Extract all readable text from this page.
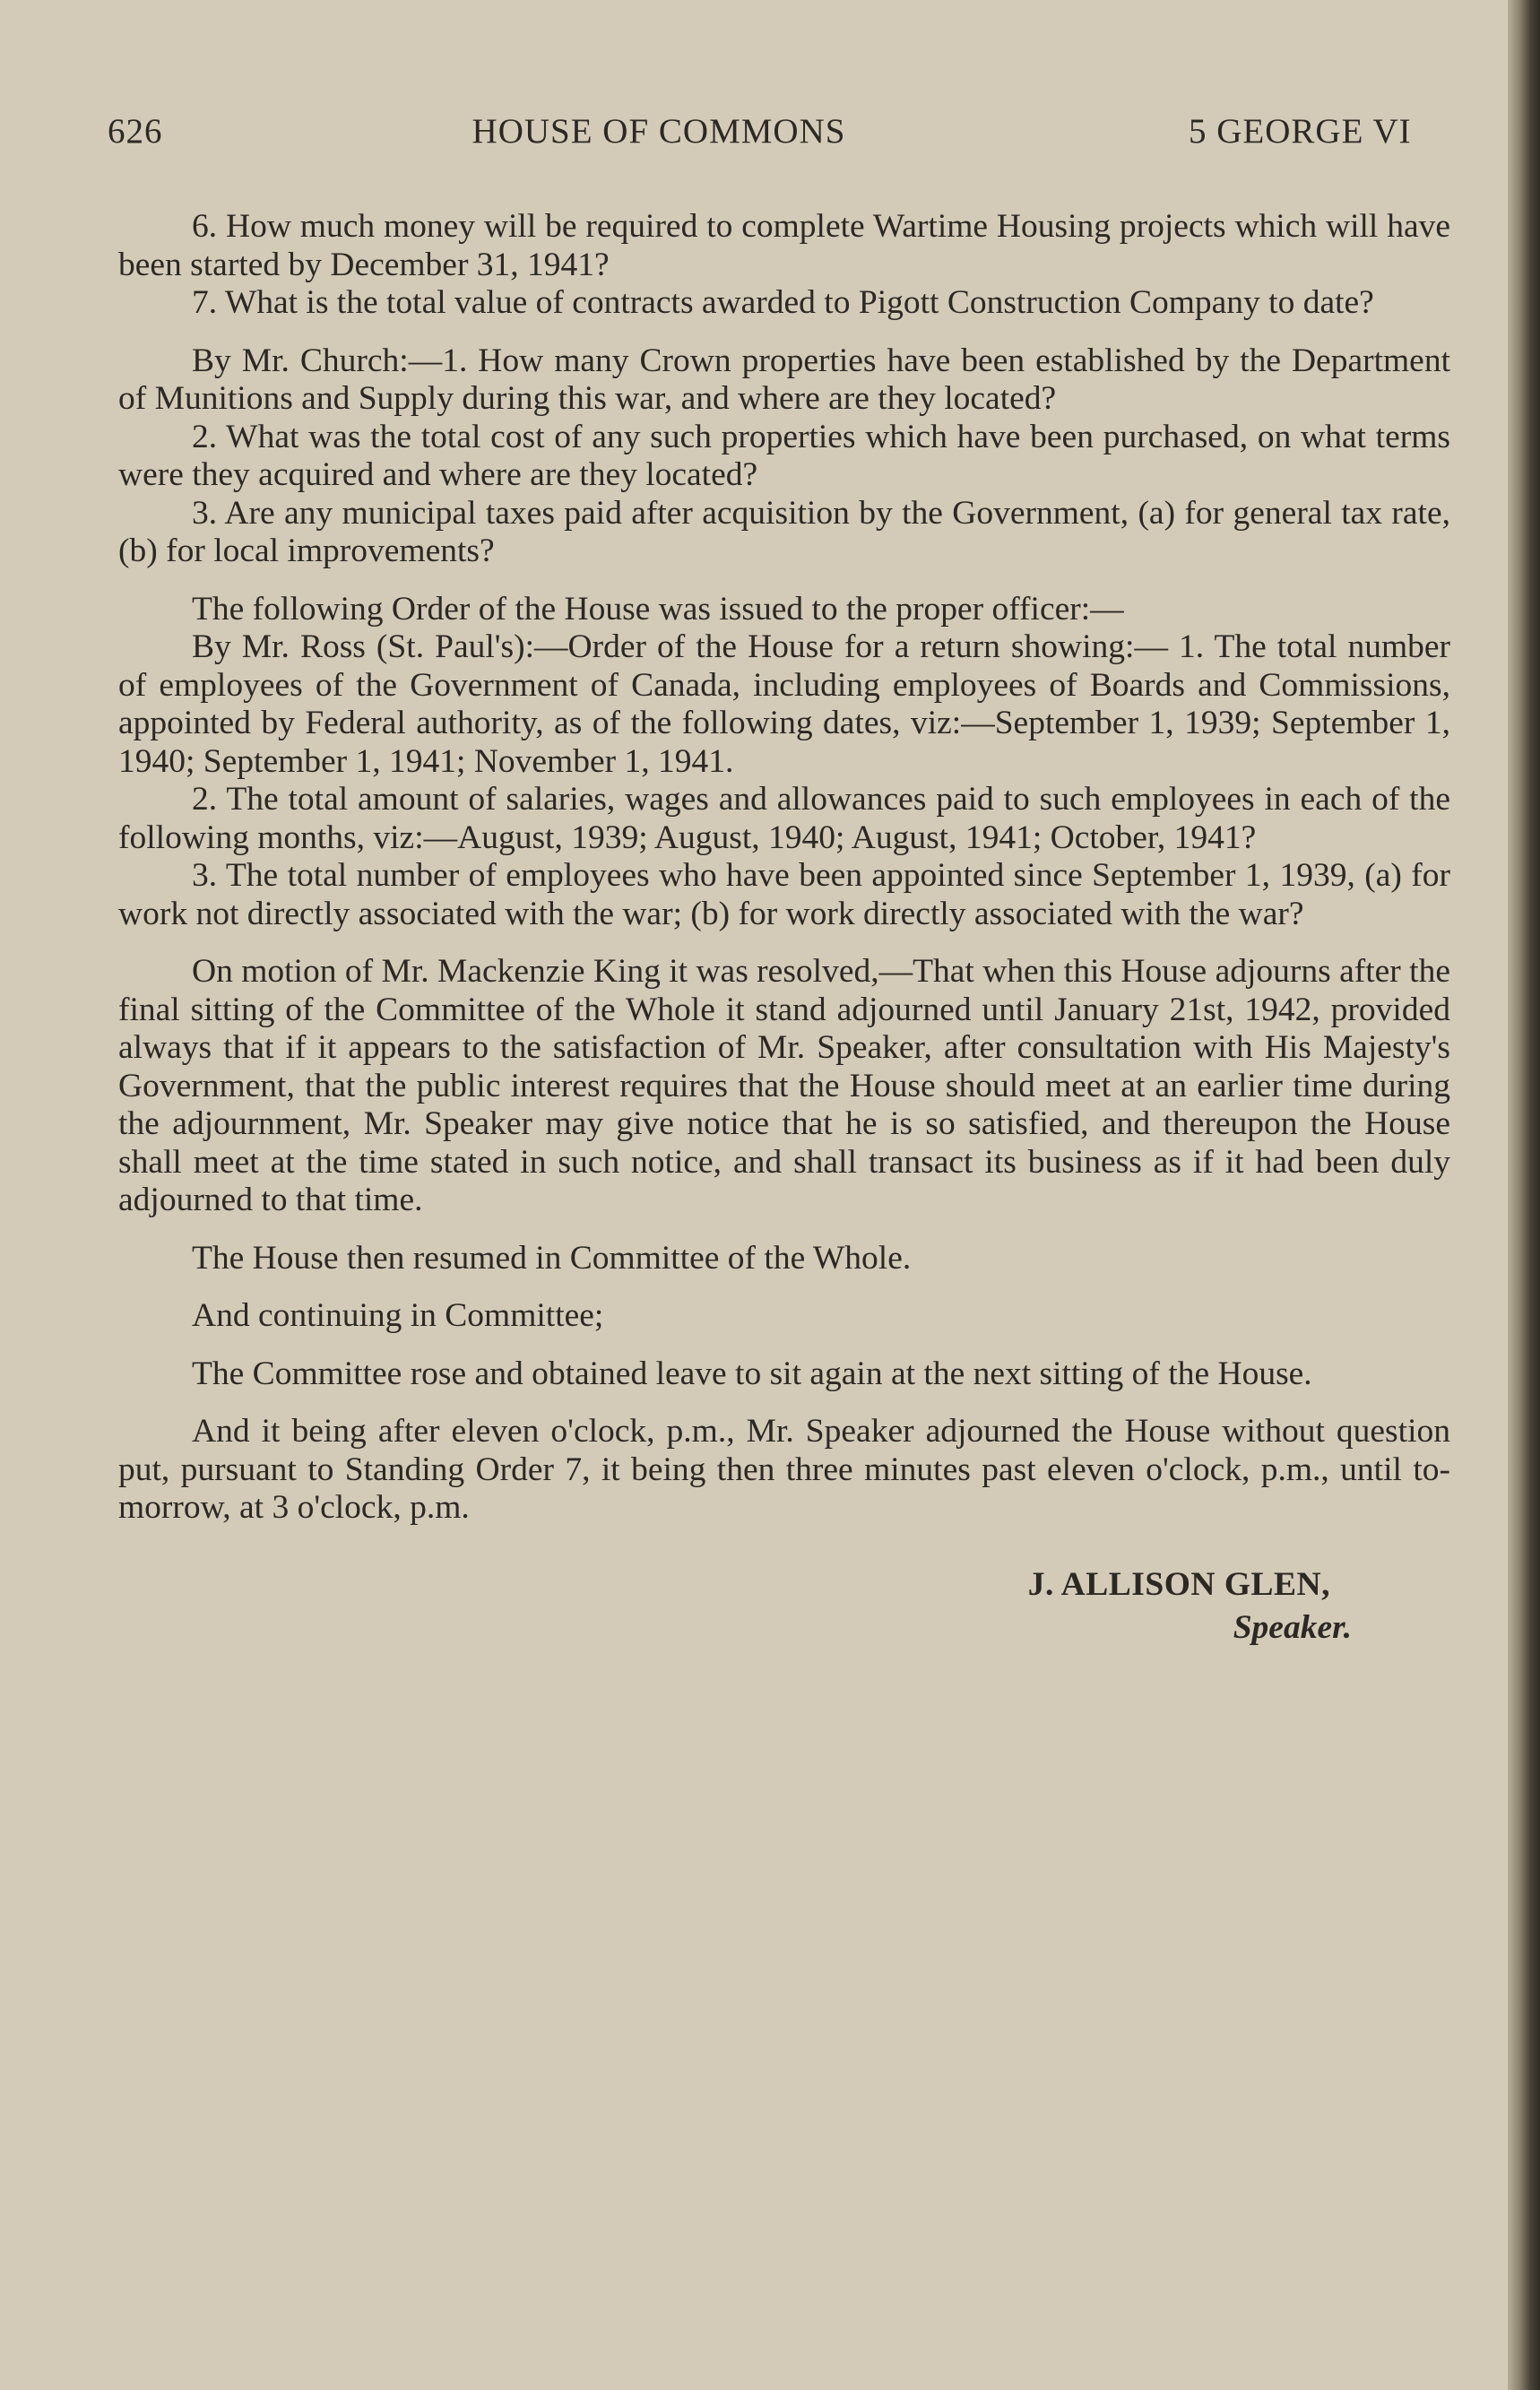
626	HOUSE OF COMMONS	5 GEORGE VI

6. How much money will be required to complete Wartime Housing projects which will have been started by December 31, 1941?

7. What is the total value of contracts awarded to Pigott Construction Company to date?

By Mr. Church:—1. How many Crown properties have been established by the Department of Munitions and Supply during this war, and where are they located?

2. What was the total cost of any such properties which have been purchased, on what terms were they acquired and where are they located?

3. Are any municipal taxes paid after acquisition by the Government, (a) for general tax rate, (b) for local improvements?

The following Order of the House was issued to the proper officer:—

By Mr. Ross (St. Paul's):—Order of the House for a return showing:— 1. The total number of employees of the Government of Canada, including employees of Boards and Commissions, appointed by Federal authority, as of the following dates, viz:—September 1, 1939; September 1, 1940; September 1, 1941; November 1, 1941.

2. The total amount of salaries, wages and allowances paid to such employees in each of the following months, viz:—August, 1939; August, 1940; August, 1941; October, 1941?

3. The total number of employees who have been appointed since September 1, 1939, (a) for work not directly associated with the war; (b) for work directly associated with the war?

On motion of Mr. Mackenzie King it was resolved,—That when this House adjourns after the final sitting of the Committee of the Whole it stand adjourned until January 21st, 1942, provided always that if it appears to the satisfaction of Mr. Speaker, after consultation with His Majesty's Government, that the public interest requires that the House should meet at an earlier time during the adjournment, Mr. Speaker may give notice that he is so satisfied, and thereupon the House shall meet at the time stated in such notice, and shall transact its business as if it had been duly adjourned to that time.

The House then resumed in Committee of the Whole.

And continuing in Committee;

The Committee rose and obtained leave to sit again at the next sitting of the House.

And it being after eleven o'clock, p.m., Mr. Speaker adjourned the House without question put, pursuant to Standing Order 7, it being then three minutes past eleven o'clock, p.m., until to-morrow, at 3 o'clock, p.m.

J. ALLISON GLEN,
Speaker.
